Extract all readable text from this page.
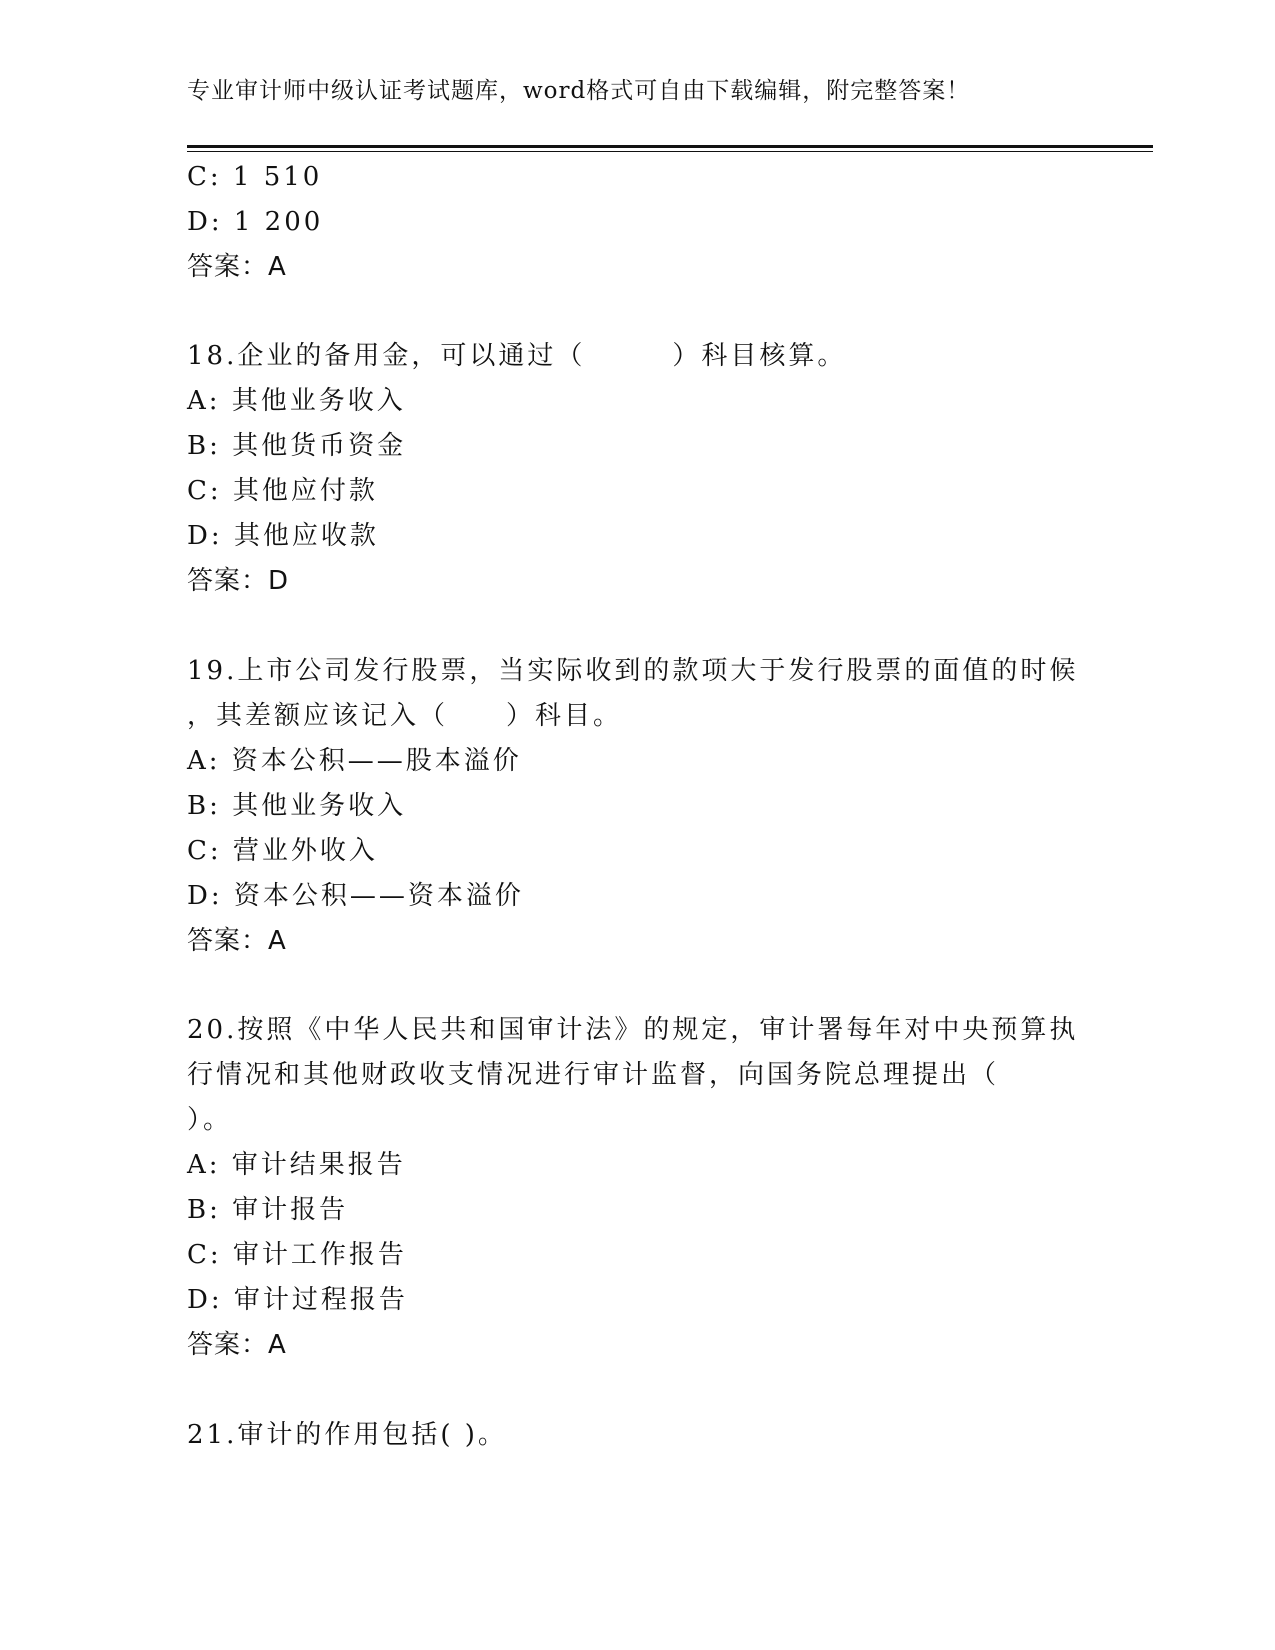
专业审计师中级认证考试题库，word格式可自由下载编辑，附完整答案！
C: 1 510
D: 1 200
答案：A
18.企业的备用金，可以通过（　　　）科目核算。
A: 其他业务收入
B: 其他货币资金
C: 其他应付款
D: 其他应收款
答案：D
19.上市公司发行股票，当实际收到的款项大于发行股票的面值的时候
，其差额应该记入（　　）科目。
A: 资本公积——股本溢价
B: 其他业务收入
C: 营业外收入
D: 资本公积——资本溢价
答案：A
20.按照《中华人民共和国审计法》的规定，审计署每年对中央预算执
行情况和其他财政收支情况进行审计监督，向国务院总理提出（
）。
A: 审计结果报告
B: 审计报告
C: 审计工作报告
D: 审计过程报告
答案：A
21.审计的作用包括( )。
